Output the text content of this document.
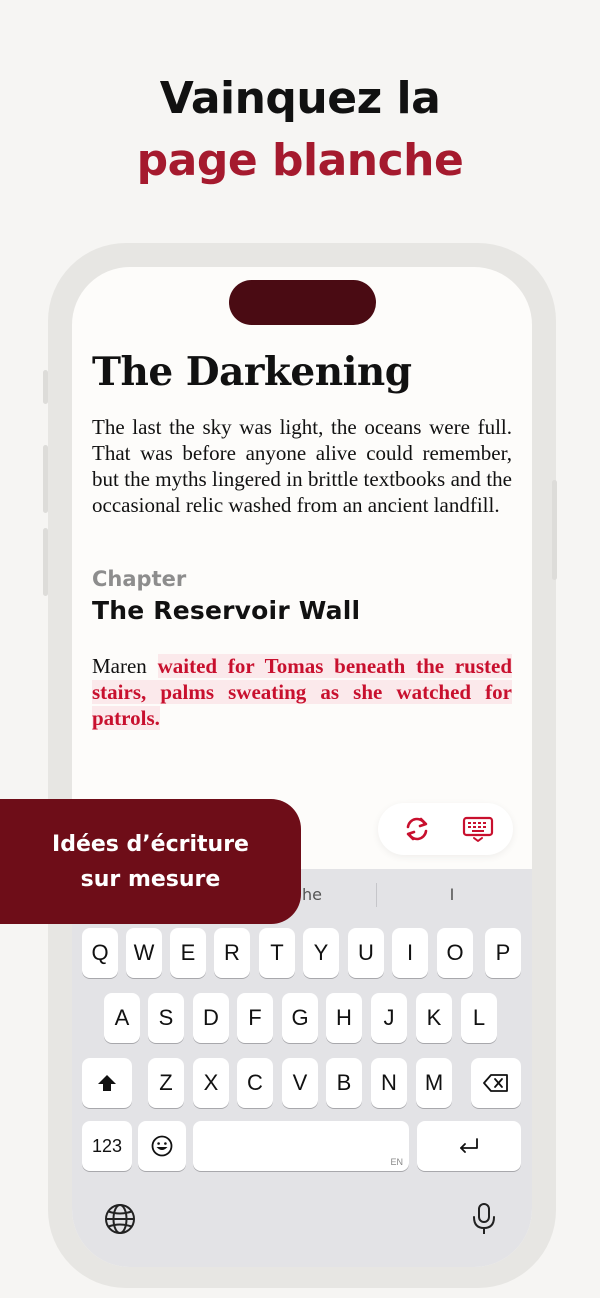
Vainquez la
page blanche
The Darkening
The last the sky was light, the oceans were full. That was before anyone alive could remember, but the myths lingered in brittle textbooks and the occasional relic washed from an ancient landfill.
Chapter
The Reservoir Wall
Maren waited for Tomas beneath the rusted stairs, palms sweating as she watched for patrols.
he	I
Q	W	E	R	T	Y	U	I	O	P
A	S	D	F	G	H	J	K	L
Z	X	C	V	B	N	M
123
EN
Idées d’écriture
sur mesure
